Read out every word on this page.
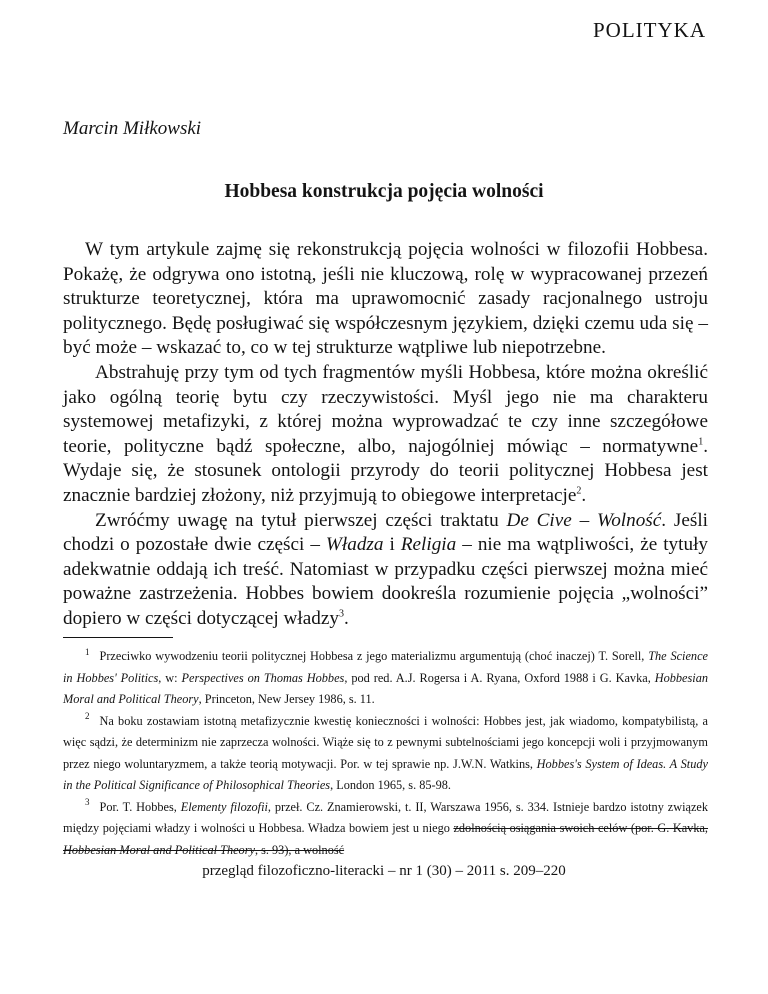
POLITYKA
Marcin Miłkowski
Hobbesa konstrukcja pojęcia wolności

W tym artykule zajmę się rekonstrukcją pojęcia wolności w filozofii Hobbesa. Pokażę, że odgrywa ono istotną, jeśli nie kluczową, rolę w wypracowanej przezeń strukturze teoretycznej, która ma uprawomocnić zasady racjonalnego ustroju politycznego. Będę posługiwać się współczesnym językiem, dzięki czemu uda się – być może – wskazać to, co w tej strukturze wątpliwe lub niepotrzebne.

Abstrahuję przy tym od tych fragmentów myśli Hobbesa, które można określić jako ogólną teorię bytu czy rzeczywistości. Myśl jego nie ma charakteru systemowej metafizyki, z której można wyprowadzać te czy inne szczegółowe teorie, polityczne bądź społeczne, albo, najogólniej mówiąc – normatywne$^1$. Wydaje się, że stosunek ontologii przyrody do teorii politycznej Hobbesa jest znacznie bardziej złożony, niż przyjmują to obiegowe interpretacje$^2$.

Zwróćmy uwagę na tytuł pierwszej części traktatu De Cive – Wolność. Jeśli chodzi o pozostałe dwie części – Władza i Religia – nie ma wątpliwości, że tytuły adekwatnie oddają ich treść. Natomiast w przypadku części pierwszej można mieć poważne zastrzeżenia. Hobbes bowiem dookreśla rozumienie pojęcia „wolności” dopiero w części dotyczącej władzy$^3$.

$^1$ Przeciwko wywodzeniu teorii politycznej Hobbesa z jego materializmu argumentują (choć inaczej) T. Sorell, The Science in Hobbes' Politics, w: Perspectives on Thomas Hobbes, pod red. A.J. Rogersa i A. Ryana, Oxford 1988 i G. Kavka, Hobbesian Moral and Political Theory, Princeton, New Jersey 1986, s. 11.

$^2$ Na boku zostawiam istotną metafizycznie kwestię konieczności i wolności: Hobbes jest, jak wiadomo, kompatybilistą, a więc sądzi, że determinizm nie zaprzecza wolności. Wiąże się to z pewnymi subtelnościami jego koncepcji woli i przyjmowanym przez niego woluntaryzmem, a także teorią motywacji. Por. w tej sprawie np. J.W.N. Watkins, Hobbes's System of Ideas. A Study in the Political Significance of Philosophical Theories, London 1965, s. 85-98.

$^3$ Por. T. Hobbes, Elementy filozofii, przeł. Cz. Znamierowski, t. II, Warszawa 1956, s. 334. Istnieje bardzo istotny związek między pojęciami władzy i wolności u Hobbesa. Władza bowiem jest u niego zdolnością osiągania swoich celów (por. G. Kavka, Hobbesian Moral and Political Theory, s. 93), a wolność

przegląd filozoficzno-literacki – nr 1 (30) – 2011 s. 209–220
